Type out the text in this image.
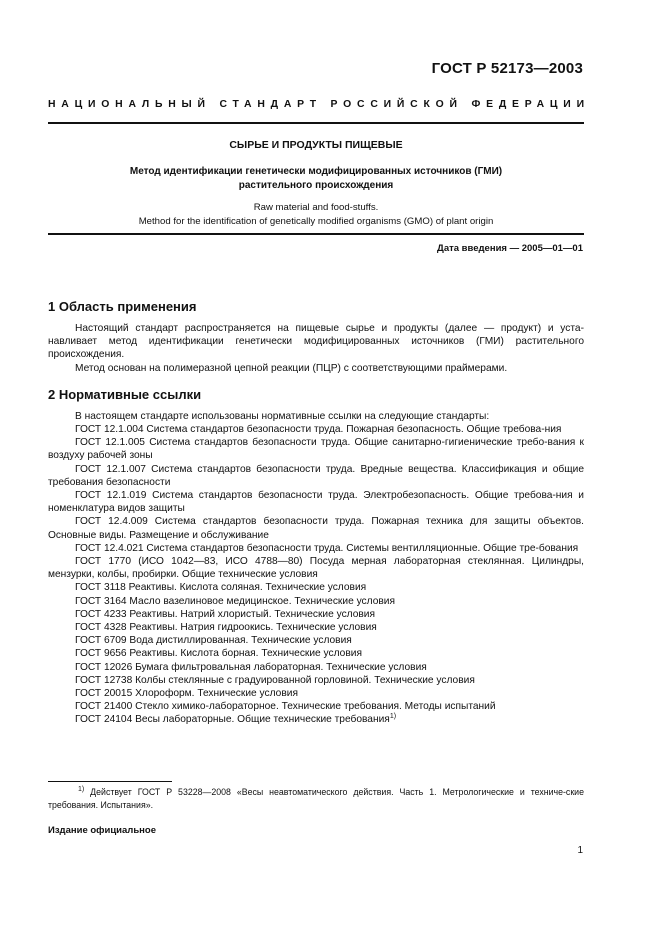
ГОСТ Р 52173—2003
НАЦИОНАЛЬНЫЙ СТАНДАРТ РОССИЙСКОЙ ФЕДЕРАЦИИ
СЫРЬЕ И ПРОДУКТЫ ПИЩЕВЫЕ
Метод идентификации генетически модифицированных источников (ГМИ)
растительного происхождения
Raw material and food-stuffs.
Method for the identification of genetically modified organisms (GMO) of plant origin
Дата введения — 2005—01—01
1 Область применения

Настоящий стандарт распространяется на пищевые сырье и продукты (далее — продукт) и уста-навливает метод идентификации генетически модифицированных источников (ГМИ) растительного происхождения.

Метод основан на полимеразной цепной реакции (ПЦР) с соответствующими праймерами.

2 Нормативные ссылки

В настоящем стандарте использованы нормативные ссылки на следующие стандарты:

ГОСТ 12.1.004 Система стандартов безопасности труда. Пожарная безопасность. Общие требова-ния

ГОСТ 12.1.005 Система стандартов безопасности труда. Общие санитарно-гигиенические требо-вания к воздуху рабочей зоны

ГОСТ 12.1.007 Система стандартов безопасности труда. Вредные вещества. Классификация и общие требования безопасности

ГОСТ 12.1.019 Система стандартов безопасности труда. Электробезопасность. Общие требова-ния и номенклатура видов защиты

ГОСТ 12.4.009 Система стандартов безопасности труда. Пожарная техника для защиты объектов. Основные виды. Размещение и обслуживание

ГОСТ 12.4.021 Система стандартов безопасности труда. Системы вентилляционные. Общие тре-бования

ГОСТ 1770 (ИСО 1042—83, ИСО 4788—80) Посуда мерная лабораторная стеклянная. Цилиндры, мензурки, колбы, пробирки. Общие технические условия

ГОСТ 3118 Реактивы. Кислота соляная. Технические условия

ГОСТ 3164 Масло вазелиновое медицинское. Технические условия

ГОСТ 4233 Реактивы. Натрий хлористый. Технические условия

ГОСТ 4328 Реактивы. Натрия гидроокись. Технические условия

ГОСТ 6709 Вода дистиллированная. Технические условия

ГОСТ 9656 Реактивы. Кислота борная. Технические условия

ГОСТ 12026 Бумага фильтровальная лабораторная. Технические условия

ГОСТ 12738 Колбы стеклянные с градуированной горловиной. Технические условия

ГОСТ 20015 Хлороформ. Технические условия

ГОСТ 21400 Стекло химико-лабораторное. Технические требования. Методы испытаний

ГОСТ 24104 Весы лабораторные. Общие технические требования$^{1)}$

$^{1)}$ Действует ГОСТ Р 53228—2008 «Весы неавтоматического действия. Часть 1. Метрологические и техниче-ские требования. Испытания».
Издание официальное
1
